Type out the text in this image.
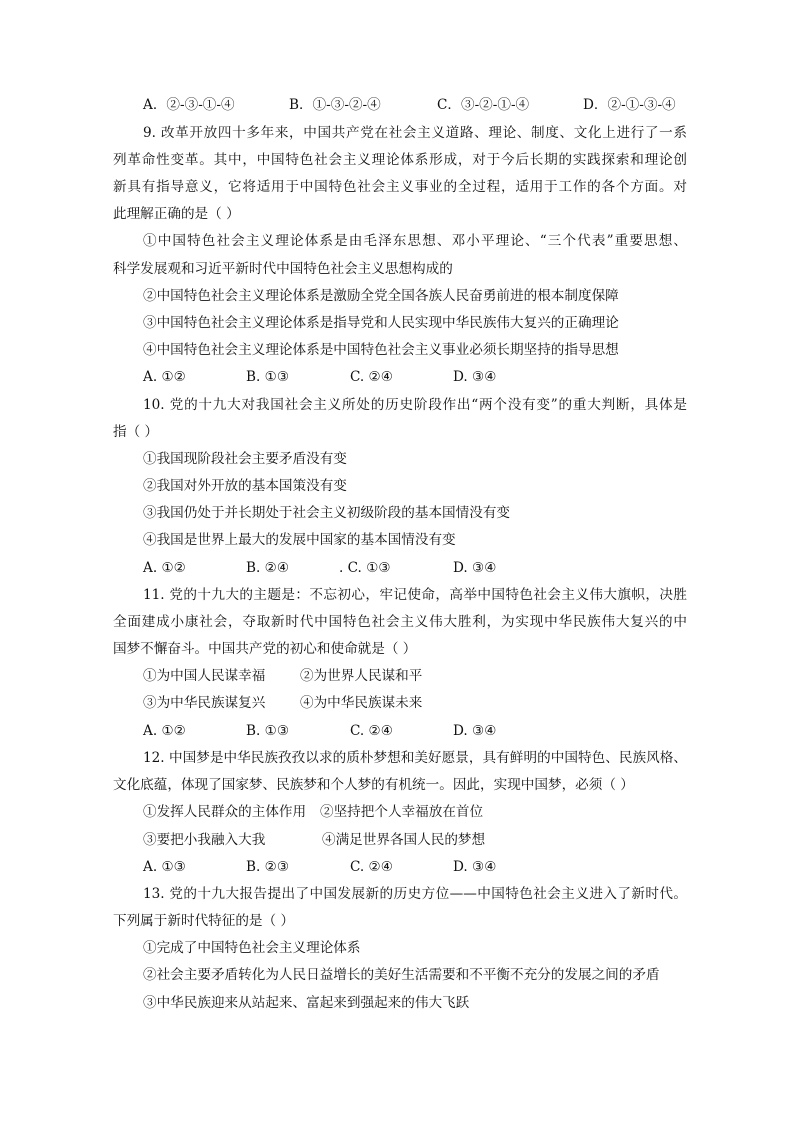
A．②-③-①-④	B．①-③-②-④	C．③-②-①-④	D．②-①-③-④
9. 改革开放四十多年来，中国共产党在社会主义道路、理论、制度、文化上进行了一系
列革命性变革。其中，中国特色社会主义理论体系形成，对于今后长期的实践探索和理论创
新具有指导意义，它将适用于中国特色社会主义事业的全过程，适用于工作的各个方面。对
此理解正确的是（ ）
①中国特色社会主义理论体系是由毛泽东思想、邓小平理论、“三个代表”重要思想、
科学发展观和习近平新时代中国特色社会主义思想构成的
②中国特色社会主义理论体系是激励全党全国各族人民奋勇前进的根本制度保障
③中国特色社会主义理论体系是指导党和人民实现中华民族伟大复兴的正确理论
④中国特色社会主义理论体系是中国特色社会主义事业必须长期坚持的指导思想
A. ①②	B. ①③	C. ②④	D. ③④
10. 党的十九大对我国社会主义所处的历史阶段作出“两个没有变”的重大判断，具体是
指（ ）
①我国现阶段社会主要矛盾没有变
②我国对外开放的基本国策没有变
③我国仍处于并长期处于社会主义初级阶段的基本国情没有变
④我国是世界上最大的发展中国家的基本国情没有变
A. ①②	B. ②④	. C. ①③	D. ③④
11. 党的十九大的主题是：不忘初心，牢记使命，高举中国特色社会主义伟大旗帜，决胜
全面建成小康社会，夺取新时代中国特色社会主义伟大胜利，为实现中华民族伟大复兴的中
国梦不懈奋斗。中国共产党的初心和使命就是（ ）
①为中国人民谋幸福	②为世界人民谋和平
③为中华民族谋复兴	④为中华民族谋未来
A. ①②	B. ①③	C. ②④	D. ③④
12. 中国梦是中华民族孜孜以求的质朴梦想和美好愿景，具有鲜明的中国特色、民族风格、
文化底蕴，体现了国家梦、民族梦和个人梦的有机统一。因此，实现中国梦，必须（ ）
①发挥人民群众的主体作用 ②坚持把个人幸福放在首位
③要把小我融入大我	④满足世界各国人民的梦想
A. ①③	B. ②③	C. ②④	D. ③④
13. 党的十九大报告提出了中国发展新的历史方位——中国特色社会主义进入了新时代。
下列属于新时代特征的是（ ）
①完成了中国特色社会主义理论体系
②社会主要矛盾转化为人民日益增长的美好生活需要和不平衡不充分的发展之间的矛盾
③中华民族迎来从站起来、富起来到强起来的伟大飞跃
